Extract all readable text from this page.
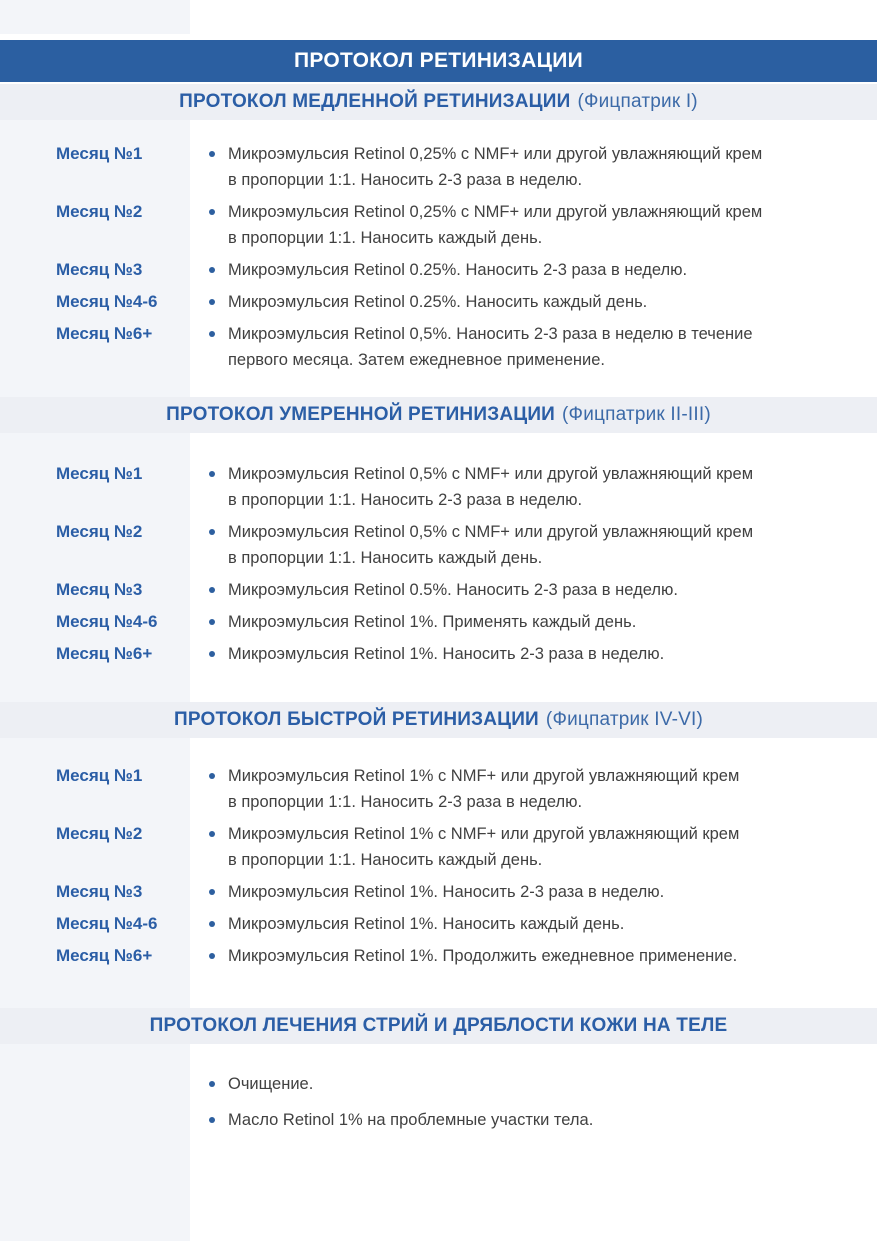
ПРОТОКОЛ РЕТИНИЗАЦИИ
ПРОТОКОЛ МЕДЛЕННОЙ РЕТИНИЗАЦИИ (Фицпатрик I)
Месяц №1	Микроэмульсия Retinol 0,25% с NMF+ или другой увлажняющий крем
в пропорции 1:1. Наносить 2-3 раза в неделю.
Месяц №2	Микроэмульсия Retinol 0,25% с NMF+ или другой увлажняющий крем
в пропорции 1:1. Наносить каждый день.
Месяц №3	Микроэмульсия Retinol 0.25%. Наносить 2-3 раза в неделю.
Месяц №4-6	Микроэмульсия Retinol 0.25%. Наносить каждый день.
Месяц №6+	Микроэмульсия Retinol 0,5%. Наносить 2-3 раза в неделю в течение
первого месяца. Затем ежедневное применение.
ПРОТОКОЛ УМЕРЕННОЙ РЕТИНИЗАЦИИ (Фицпатрик II-III)
Месяц №1	Микроэмульсия Retinol 0,5% с NMF+ или другой увлажняющий крем
в пропорции 1:1. Наносить 2-3 раза в неделю.
Месяц №2	Микроэмульсия Retinol 0,5% с NMF+ или другой увлажняющий крем
в пропорции 1:1. Наносить каждый день.
Месяц №3	Микроэмульсия Retinol 0.5%. Наносить 2-3 раза в неделю.
Месяц №4-6	Микроэмульсия Retinol 1%. Применять каждый день.
Месяц №6+	Микроэмульсия Retinol 1%. Наносить 2-3 раза в неделю.
ПРОТОКОЛ БЫСТРОЙ РЕТИНИЗАЦИИ (Фицпатрик IV-VI)
Месяц №1	Микроэмульсия Retinol 1% с NMF+ или другой увлажняющий крем
в пропорции 1:1. Наносить 2-3 раза в неделю.
Месяц №2	Микроэмульсия Retinol 1% с NMF+ или другой увлажняющий крем
в пропорции 1:1. Наносить каждый день.
Месяц №3	Микроэмульсия Retinol 1%. Наносить 2-3 раза в неделю.
Месяц №4-6	Микроэмульсия Retinol 1%. Наносить каждый день.
Месяц №6+	Микроэмульсия Retinol 1%. Продолжить ежедневное применение.
ПРОТОКОЛ ЛЕЧЕНИЯ СТРИЙ И ДРЯБЛОСТИ КОЖИ НА ТЕЛЕ
Очищение.
Масло Retinol 1% на проблемные участки тела.
